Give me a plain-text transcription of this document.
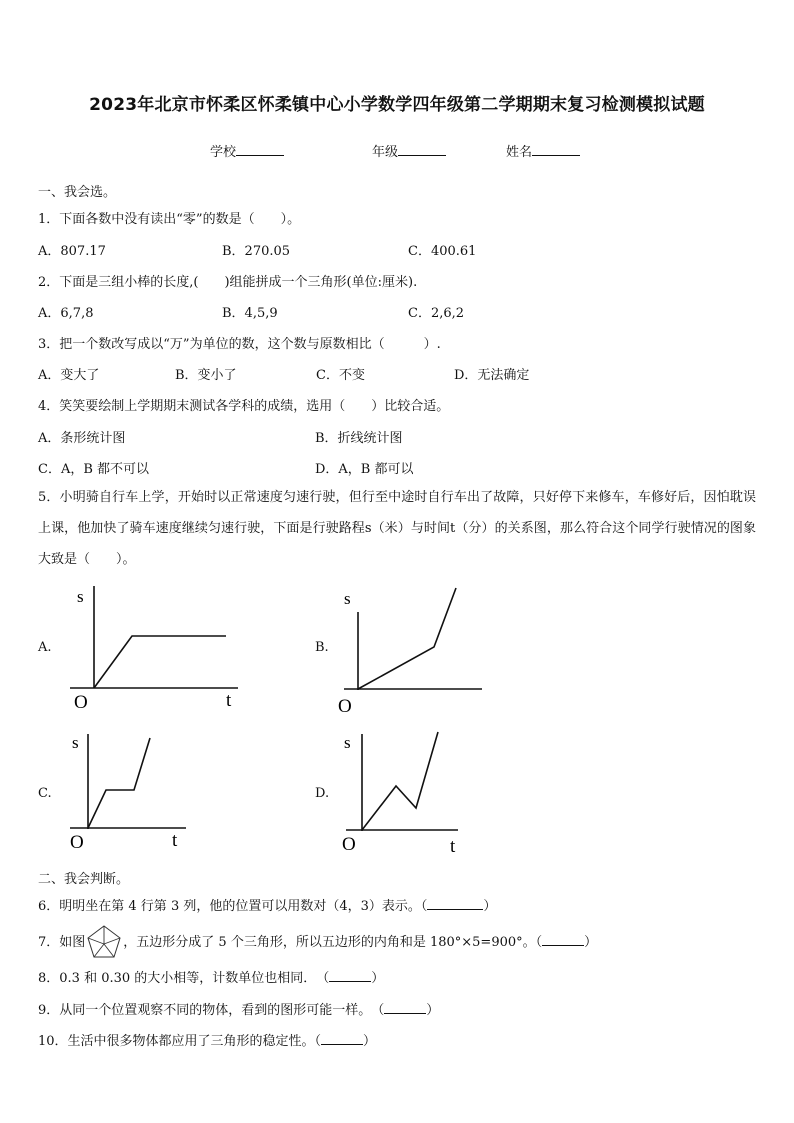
2023年北京市怀柔区怀柔镇中心小学数学四年级第二学期期末复习检测模拟试题
学校	年级	姓名
一、我会选。
1．下面各数中没有读出“零”的数是（　　）。
A．807.17	B．270.05	C．400.61
2．下面是三组小棒的长度,(　　)组能拼成一个三角形(单位:厘米).
A．6,7,8	B．4,5,9	C．2,6,2
3．把一个数改写成以“万”为单位的数，这个数与原数相比（　　　）.
A．变大了	B．变小了	C．不变	D．无法确定
4．笑笑要绘制上学期期末测试各学科的成绩，选用（　　）比较合适。
A．条形统计图	B．折线统计图
C．A，B 都不可以	D．A，B 都可以
5．小明骑自行车上学，开始时以正常速度匀速行驶，但行至中途时自行车出了故障，只好停下来修车，车修好后，因怕耽误上课，他加快了骑车速度继续匀速行驶，下面是行驶路程s（米）与时间t（分）的关系图，那么符合这个同学行驶情况的图象大致是（　　）。
A.	B.
C.	D.
s
O	t
s
O
s
O	t
s
O	t
二、我会判断。
6．明明坐在第 4 行第 3 列，他的位置可以用数对（4，3）表示。（	）
7．如图	，五边形分成了 5 个三角形，所以五边形的内角和是 180°×5=900°。（	）
8．0.3 和 0.30 的大小相等，计数单位也相同．　（	）
9．从同一个位置观察不同的物体，看到的图形可能一样。　（	）
10．生活中很多物体都应用了三角形的稳定性。（	）
